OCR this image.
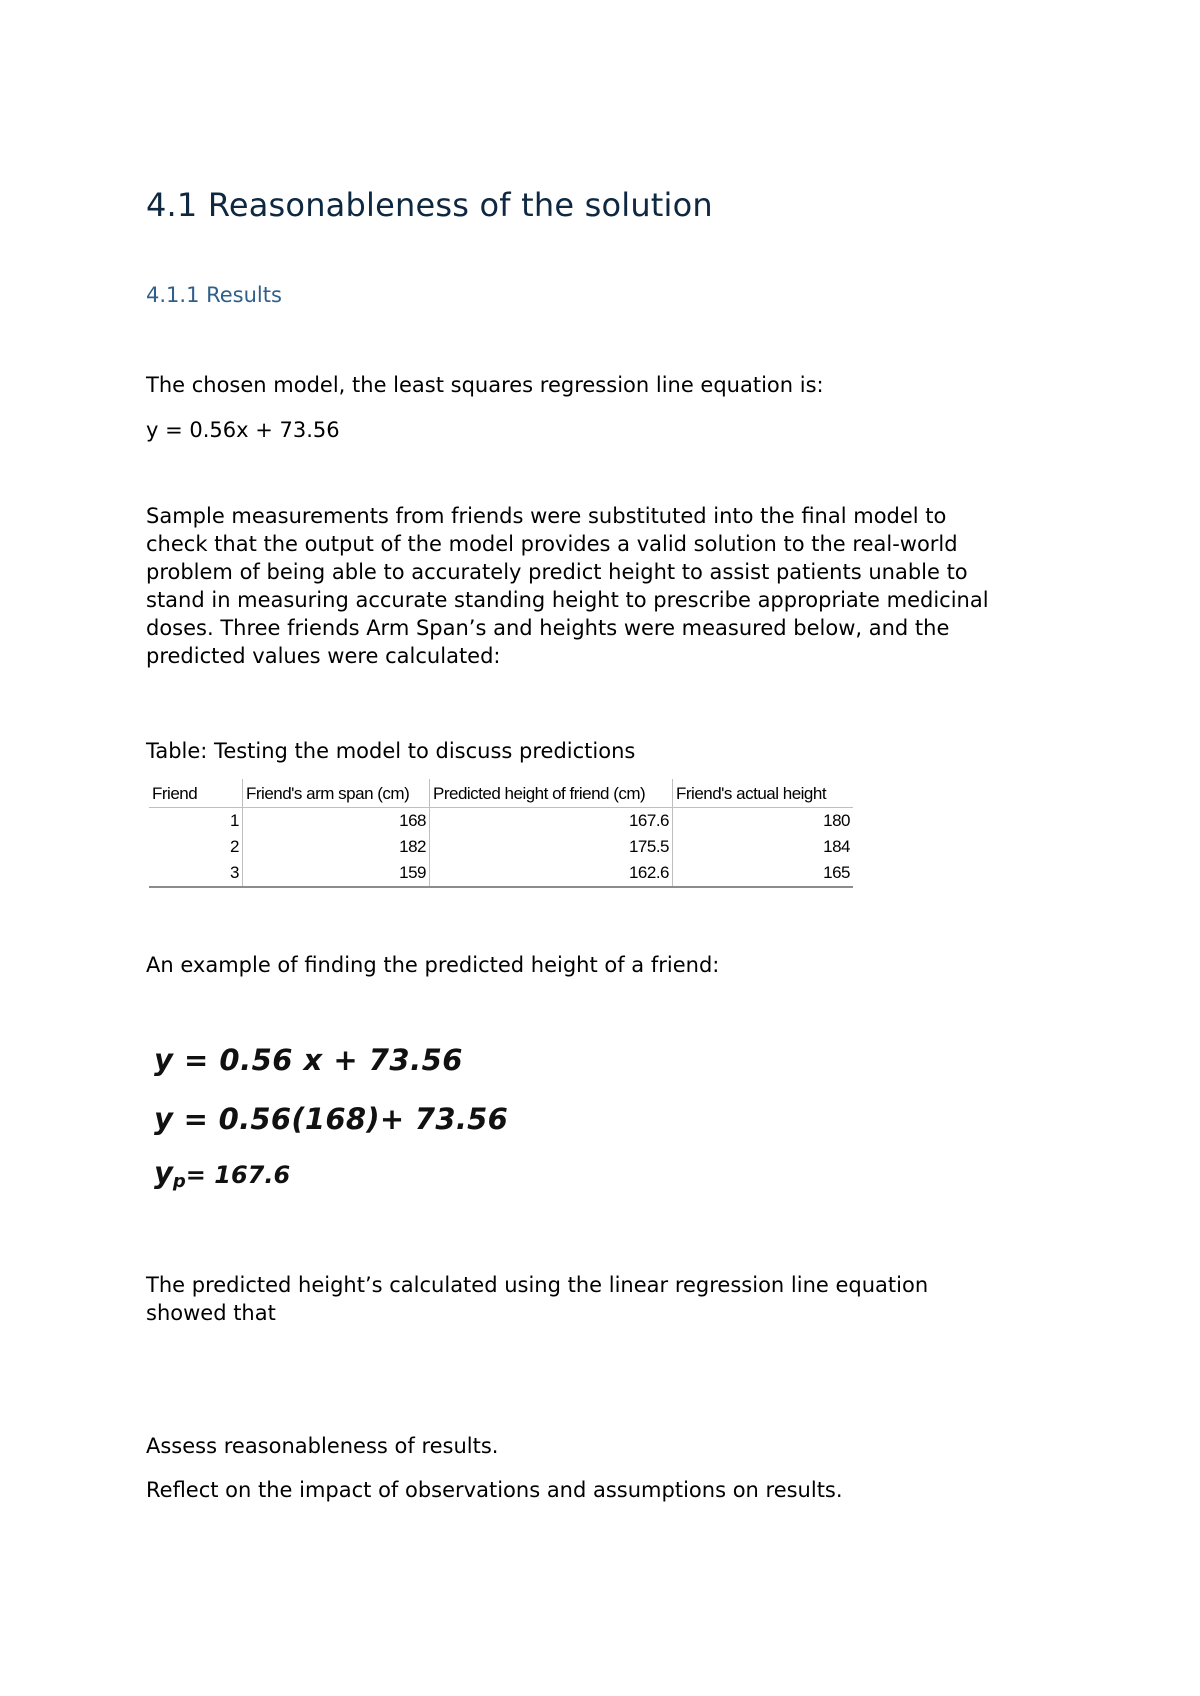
4.1 Reasonableness of the solution
4.1.1 Results

The chosen model, the least squares regression line equation is:

y = 0.56x + 73.56

Sample measurements from friends were substituted into the final model to

check that the output of the model provides a valid solution to the real-world

problem of being able to accurately predict height to assist patients unable to

stand in measuring accurate standing height to prescribe appropriate medicinal

doses. Three friends Arm Span’s and heights were measured below, and the

predicted values were calculated:

Table: Testing the model to discuss predictions

Friend	Friend's arm span (cm)	Predicted height of friend (cm)	Friend's actual height
1	168	167.6	180
2	182	175.5	184
3	159	162.6	165

An example of finding the predicted height of a friend:

y = 0.56 x + 73.56
y = 0.56(168)+ 73.56
yp= 167.6

The predicted height’s calculated using the linear regression line equation

showed that

Assess reasonableness of results.

Reflect on the impact of observations and assumptions on results.
